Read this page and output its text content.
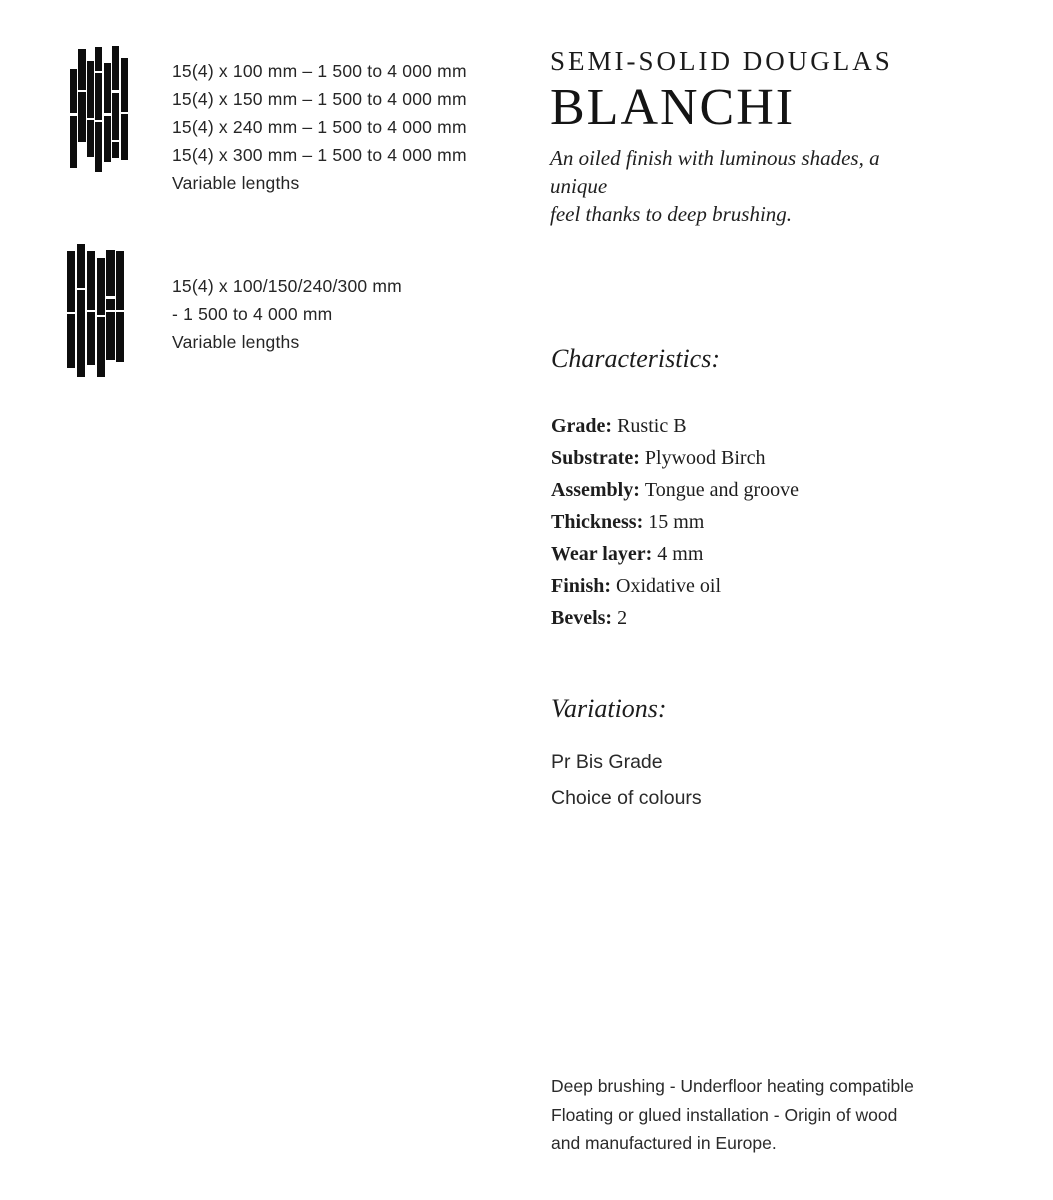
15(4) x 100 mm – 1 500 to 4 000 mm
15(4) x 150 mm – 1 500 to 4 000 mm
15(4) x 240 mm – 1 500 to 4 000 mm
15(4) x 300 mm – 1 500 to 4 000 mm
Variable lengths
15(4) x 100/150/240/300 mm
- 1 500 to 4 000 mm
Variable lengths
SEMI-SOLID DOUGLAS
BLANCHI
An oiled finish with luminous shades, a unique
feel thanks to deep brushing.
Characteristics:
Grade: Rustic B
Substrate: Plywood Birch
Assembly: Tongue and groove
Thickness: 15 mm
Wear layer: 4 mm
Finish: Oxidative oil
Bevels: 2
Variations:
Pr Bis Grade
Choice of colours
Deep brushing - Underfloor heating compatible
Floating or glued installation - Origin of wood
and manufactured in Europe.
